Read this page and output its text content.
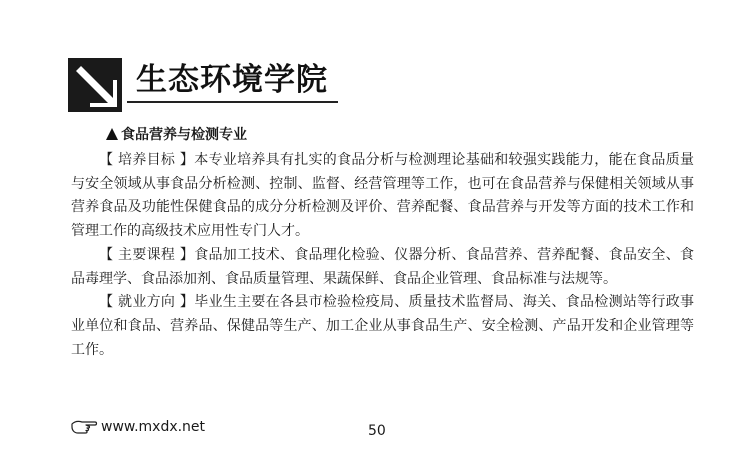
生态环境学院
食品营养与检测专业

【 培养目标 】本专业培养具有扎实的食品分析与检测理论基础和较强实践能力，能在食品质量与安全领域从事食品分析检测、控制、监督、经营管理等工作，也可在食品营养与保健相关领域从事营养食品及功能性保健食品的成分分析检测及评价、营养配餐、食品营养与开发等方面的技术工作和管理工作的高级技术应用性专门人才。

【 主要课程 】食品加工技术、食品理化检验、仪器分析、食品营养、营养配餐、食品安全、食品毒理学、食品添加剂、食品质量管理、果蔬保鲜、食品企业管理、食品标准与法规等。

【 就业方向 】毕业生主要在各县市检验检疫局、质量技术监督局、海关、食品检测站等行政事业单位和食品、营养品、保健品等生产、加工企业从事食品生产、安全检测、产品开发和企业管理等工作。

www.mxdx.net	50
